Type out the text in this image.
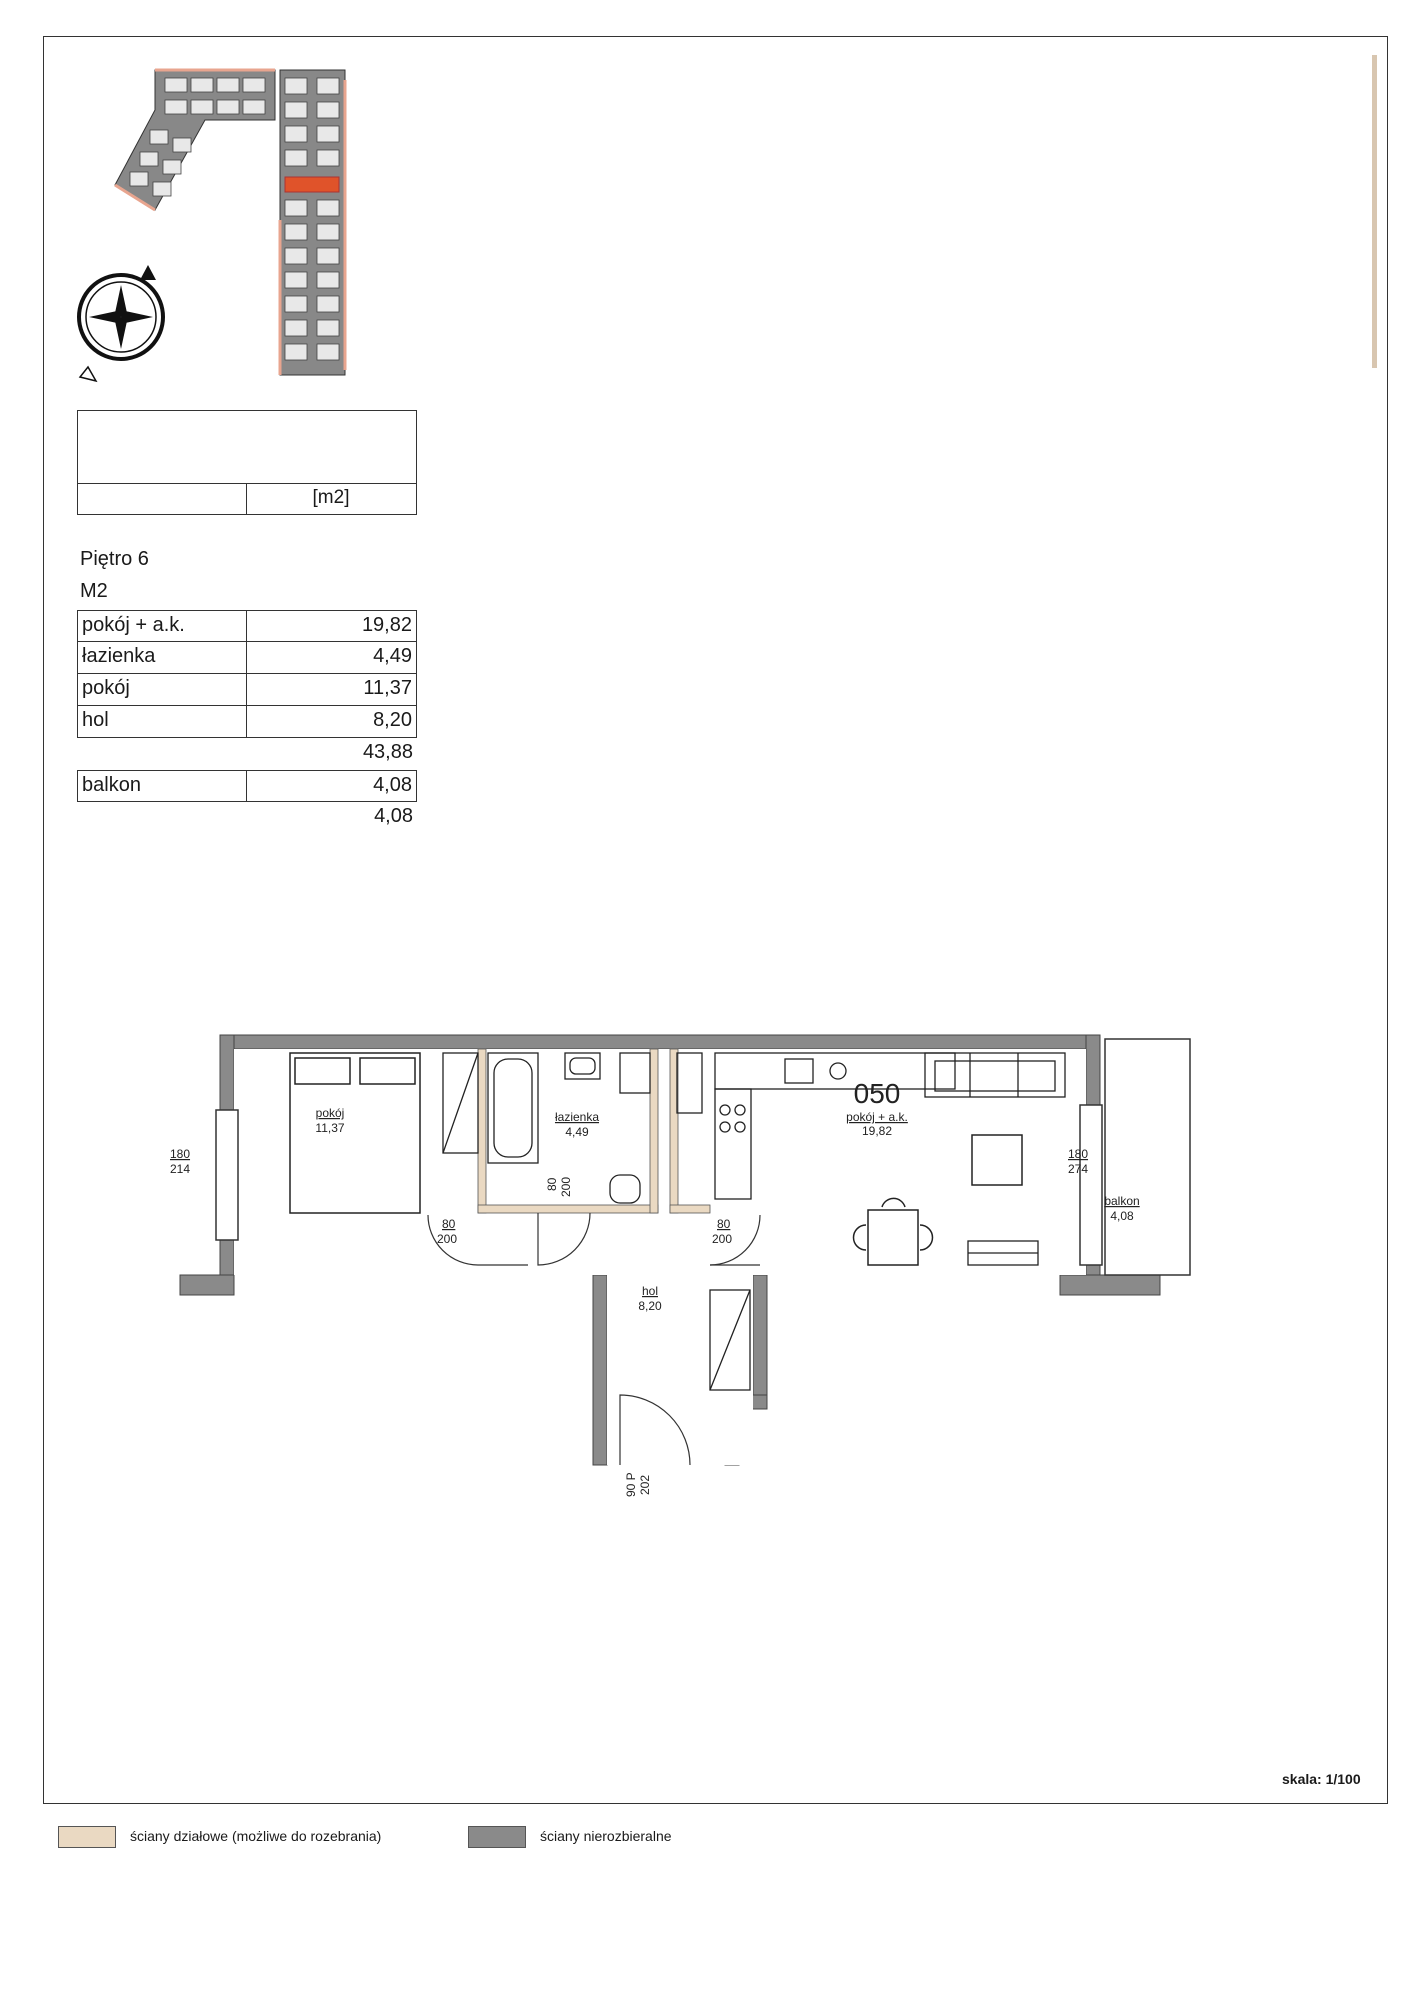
[m2]
Piętro 6
M2
pokój + a.k.	19,82
łazienka	4,49
pokój	11,37
hol	8,20
43,88
balkon	4,08
4,08
pokój
11,37
łazienka
4,49
050
pokój + a.k.
19,82
hol
8,20
balkon
4,08
180
214
180
274
80
200
80
200
80 200
90 P 202
skala: 1/100
ściany działowe (możliwe do rozebrania)	ściany nierozbieralne
